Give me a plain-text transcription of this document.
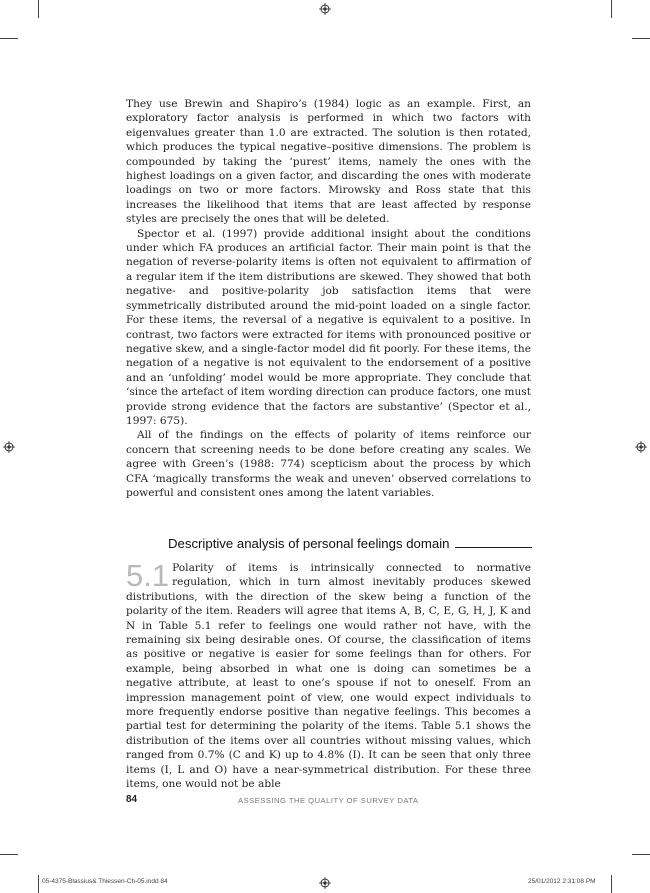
They use Brewin and Shapiro’s (1984) logic as an example. First, an exploratory factor analysis is performed in which two factors with eigenvalues greater than 1.0 are extracted. The solution is then rotated, which produces the typical negative–positive dimensions. The problem is compounded by taking the ‘purest’ items, namely the ones with the highest loadings on a given factor, and discarding the ones with moderate loadings on two or more factors. Mirowsky and Ross state that this increases the likelihood that items that are least affected by response styles are precisely the ones that will be deleted.

Spector et al. (1997) provide additional insight about the conditions under which FA produces an artificial factor. Their main point is that the negation of reverse-polarity items is often not equivalent to affirmation of a regular item if the item distributions are skewed. They showed that both negative- and positive-polarity job satisfaction items that were symmetrically distributed around the mid-point loaded on a single factor. For these items, the reversal of a negative is equivalent to a positive. In contrast, two factors were extracted for items with pronounced positive or negative skew, and a single-factor model did fit poorly. For these items, the negation of a negative is not equivalent to the endorsement of a positive and an ‘unfolding’ model would be more appropriate. They conclude that ‘since the artefact of item wording direction can produce factors, one must provide strong evidence that the factors are substantive’ (Spector et al., 1997: 675).

All of the findings on the effects of polarity of items reinforce our concern that screening needs to be done before creating any scales. We agree with Green’s (1988: 774) scepticism about the process by which CFA ‘magically transforms the weak and uneven’ observed correlations to powerful and consistent ones among the latent variables.

Descriptive analysis of personal feelings domain
5.1 Polarity of items is intrinsically connected to normative regulation, which in turn almost inevitably produces skewed distributions, with the direction of the skew being a function of the polarity of the item. Readers will agree that items A, B, C, E, G, H, J, K and N in Table 5.1 refer to feelings one would rather not have, with the remaining six being desirable ones. Of course, the classification of items as positive or negative is easier for some feelings than for others. For example, being absorbed in what one is doing can sometimes be a negative attribute, at least to one’s spouse if not to oneself. From an impression management point of view, one would expect individuals to more frequently endorse positive than negative feelings. This becomes a partial test for determining the polarity of the items. Table 5.1 shows the distribution of the items over all countries without missing values, which ranged from 0.7% (C and K) up to 4.8% (I). It can be seen that only three items (I, L and O) have a near-symmetrical distribution. For these three items, one would not be able

84	ASSESSING THE QUALITY OF SURVEY DATA
05-4375-Blassius& Thiessen-Ch-05.indd 84	25/01/2012 2:31:08 PM
